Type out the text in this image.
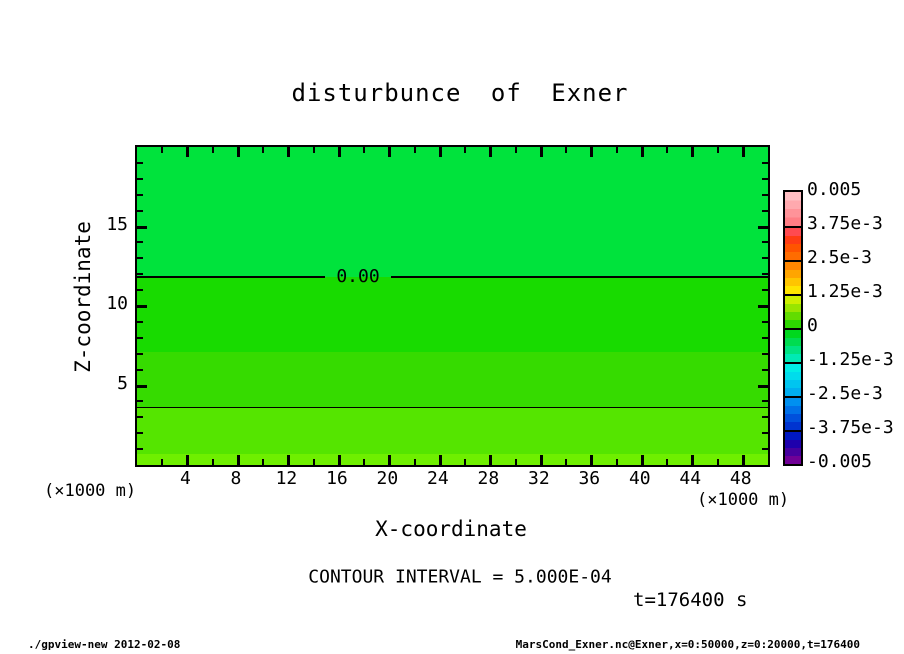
disturbunce of Exner
0.00
4 8 12 16 20 24 28 32 36 40 44 48
5
10
15
Z-coordinate
(×1000 m)
X-coordinate
(×1000 m)
0.005
3.75e-3
2.5e-3
1.25e-3
0
-1.25e-3
-2.5e-3
-3.75e-3
-0.005
CONTOUR INTERVAL = 5.000E-04
t=176400 s
./gpview-new 2012-02-08	MarsCond_Exner.nc@Exner,x=0:50000,z=0:20000,t=176400
